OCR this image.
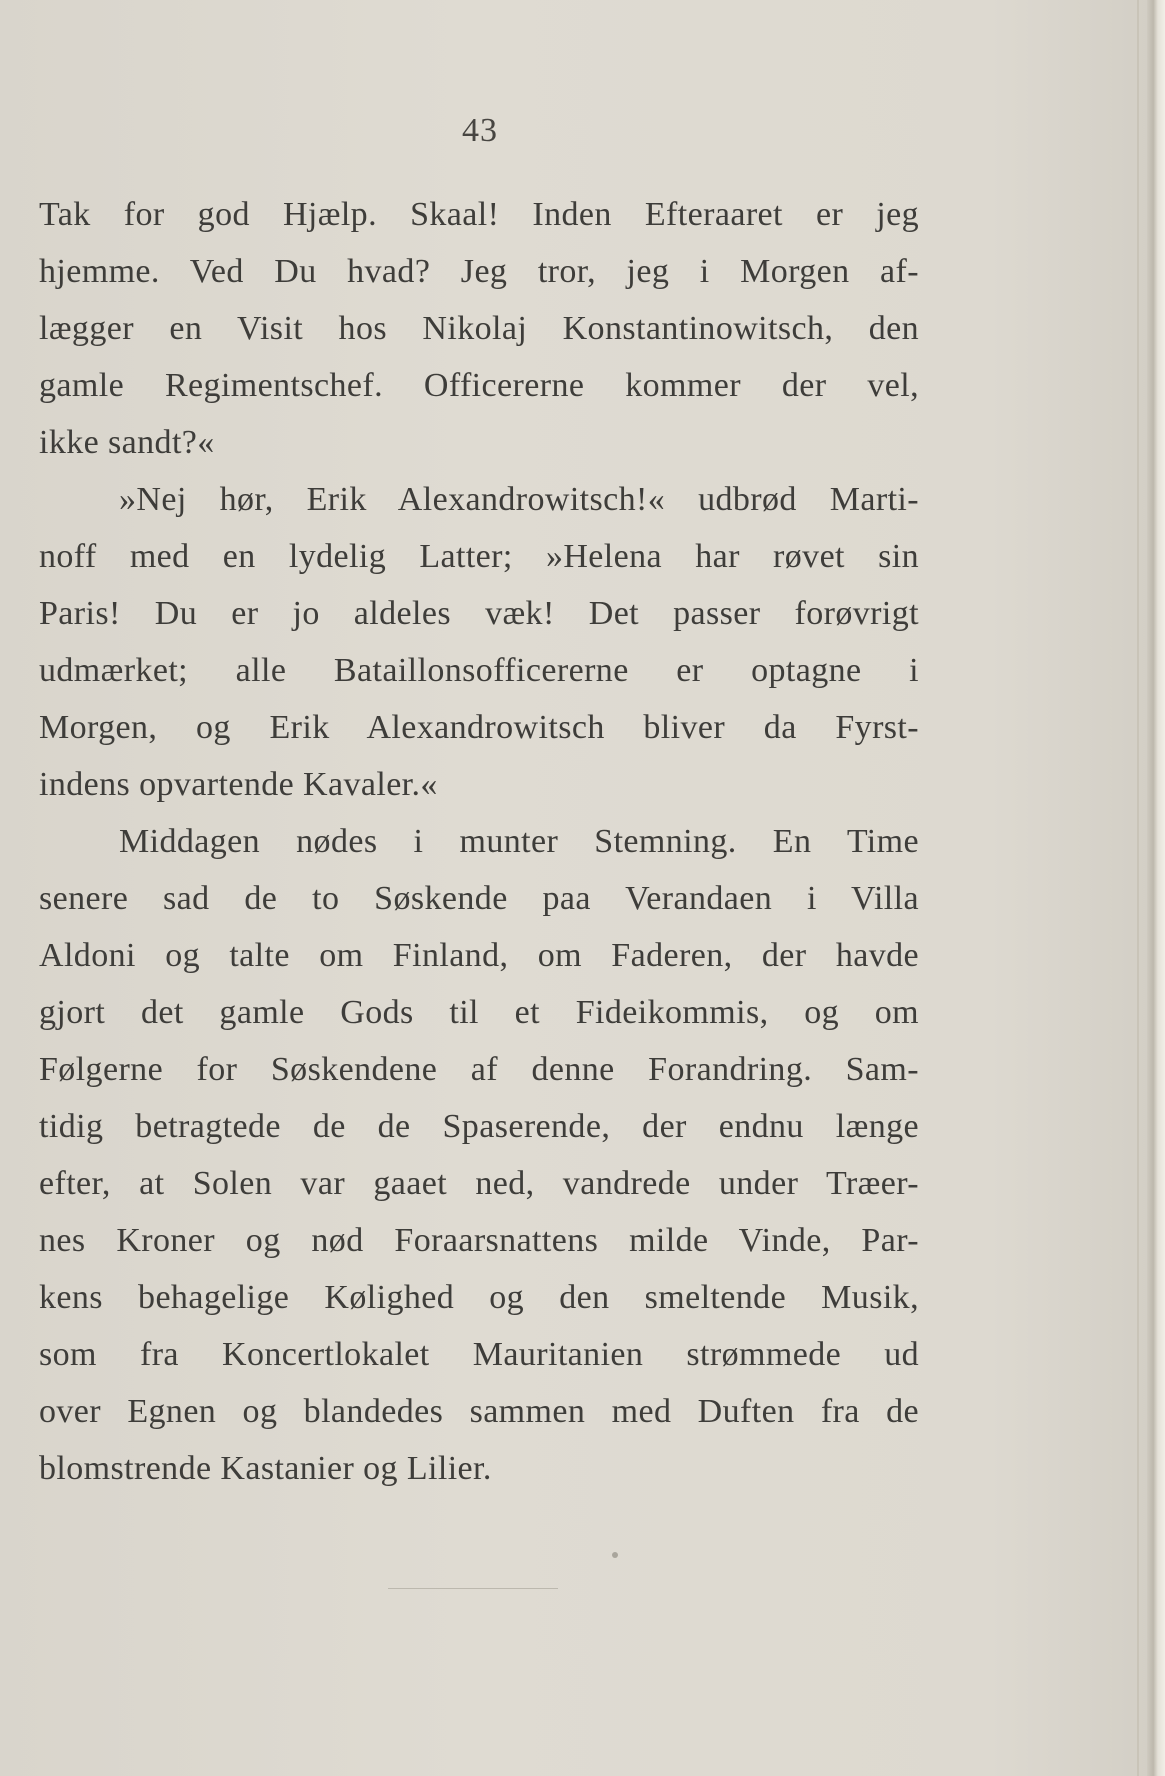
43
Tak for god Hjælp. Skaal! Inden Efteraaret er jeg
hjemme. Ved Du hvad? Jeg tror, jeg i Morgen af-
lægger en Visit hos Nikolaj Konstantinowitsch, den
gamle Regimentschef. Officererne kommer der vel,
ikke sandt?«
»Nej hør, Erik Alexandrowitsch!« udbrød Marti-
noff med en lydelig Latter; »Helena har røvet sin
Paris! Du er jo aldeles væk! Det passer forøvrigt
udmærket; alle Bataillonsofficererne er optagne i
Morgen, og Erik Alexandrowitsch bliver da Fyrst-
indens opvartende Kavaler.«
Middagen nødes i munter Stemning. En Time
senere sad de to Søskende paa Verandaen i Villa
Aldoni og talte om Finland, om Faderen, der havde
gjort det gamle Gods til et Fideikommis, og om
Følgerne for Søskendene af denne Forandring. Sam-
tidig betragtede de de Spaserende, der endnu længe
efter, at Solen var gaaet ned, vandrede under Træer-
nes Kroner og nød Foraarsnattens milde Vinde, Par-
kens behagelige Kølighed og den smeltende Musik,
som fra Koncertlokalet Mauritanien strømmede ud
over Egnen og blandedes sammen med Duften fra de
blomstrende Kastanier og Lilier.
